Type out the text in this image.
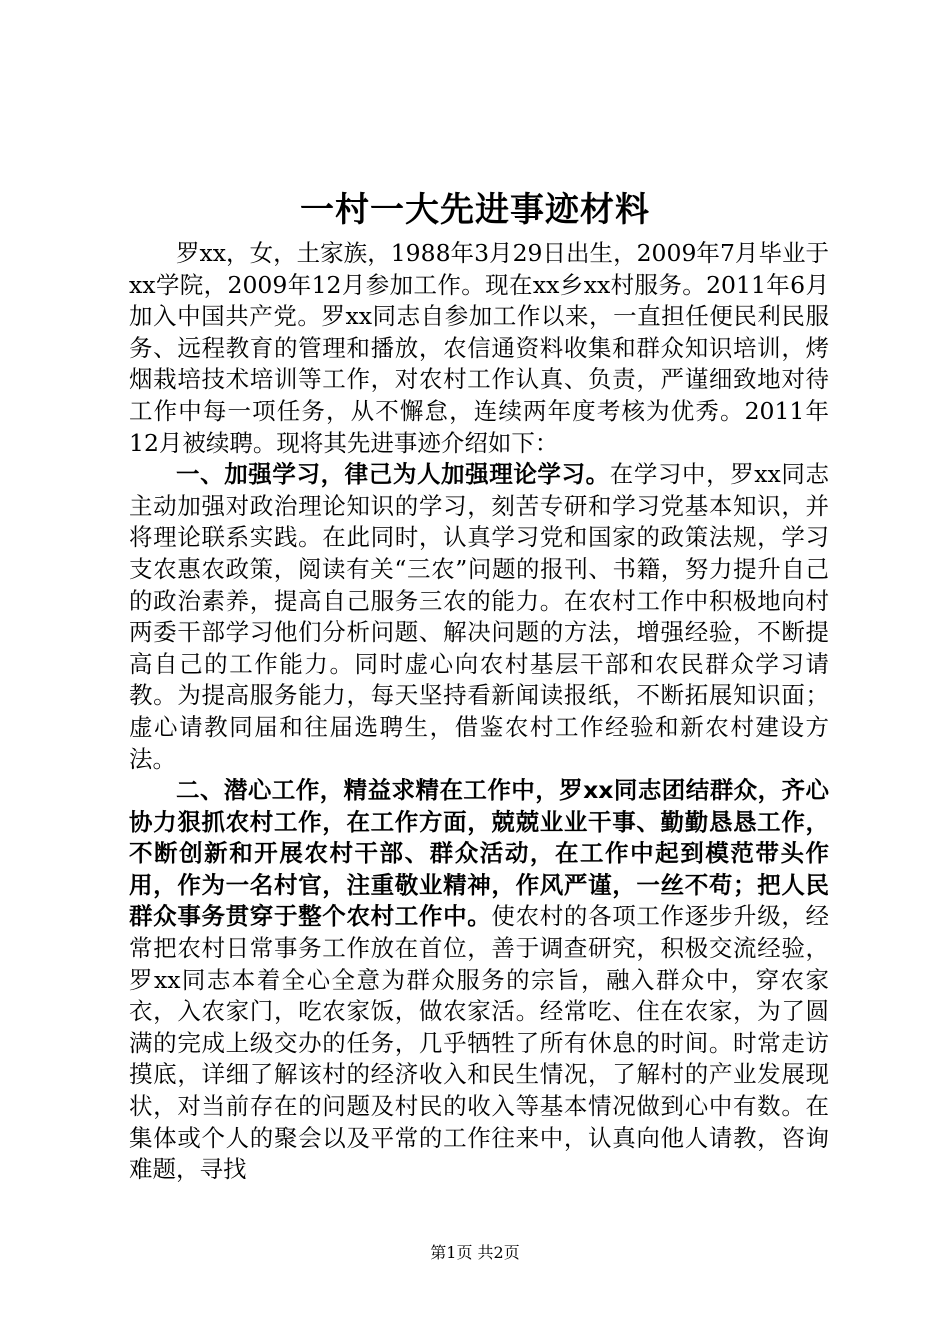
一村一大先进事迹材料

罗xx，女，土家族，1988年3月29日出生，2009年7月毕业于xx学院，2009年12月参加工作。现在xx乡xx村服务。2011年6月加入中国共产党。罗xx同志自参加工作以来，一直担任便民利民服务、远程教育的管理和播放，农信通资料收集和群众知识培训，烤烟栽培技术培训等工作，对农村工作认真、负责，严谨细致地对待工作中每一项任务，从不懈怠，连续两年度考核为优秀。2011年12月被续聘。现将其先进事迹介绍如下：

一、加强学习，律己为人加强理论学习。在学习中，罗xx同志主动加强对政治理论知识的学习，刻苦专研和学习党基本知识，并将理论联系实践。在此同时，认真学习党和国家的政策法规，学习支农惠农政策，阅读有关“三农”问题的报刊、书籍，努力提升自己的政治素养，提高自己服务三农的能力。在农村工作中积极地向村两委干部学习他们分析问题、解决问题的方法，增强经验，不断提高自己的工作能力。同时虚心向农村基层干部和农民群众学习请教。为提高服务能力，每天坚持看新闻读报纸，不断拓展知识面；虚心请教同届和往届选聘生，借鉴农村工作经验和新农村建设方法。

二、潜心工作，精益求精在工作中，罗xx同志团结群众，齐心协力狠抓农村工作，在工作方面，兢兢业业干事、勤勤恳恳工作，不断创新和开展农村干部、群众活动，在工作中起到模范带头作用，作为一名村官，注重敬业精神，作风严谨，一丝不苟；把人民群众事务贯穿于整个农村工作中。使农村的各项工作逐步升级，经常把农村日常事务工作放在首位，善于调查研究，积极交流经验，罗xx同志本着全心全意为群众服务的宗旨，融入群众中，穿农家衣，入农家门，吃农家饭，做农家活。经常吃、住在农家，为了圆满的完成上级交办的任务，几乎牺牲了所有休息的时间。时常走访摸底，详细了解该村的经济收入和民生情况，了解村的产业发展现状，对当前存在的问题及村民的收入等基本情况做到心中有数。在集体或个人的聚会以及平常的工作往来中，认真向他人请教，咨询难题，寻找

第1页 共2页
